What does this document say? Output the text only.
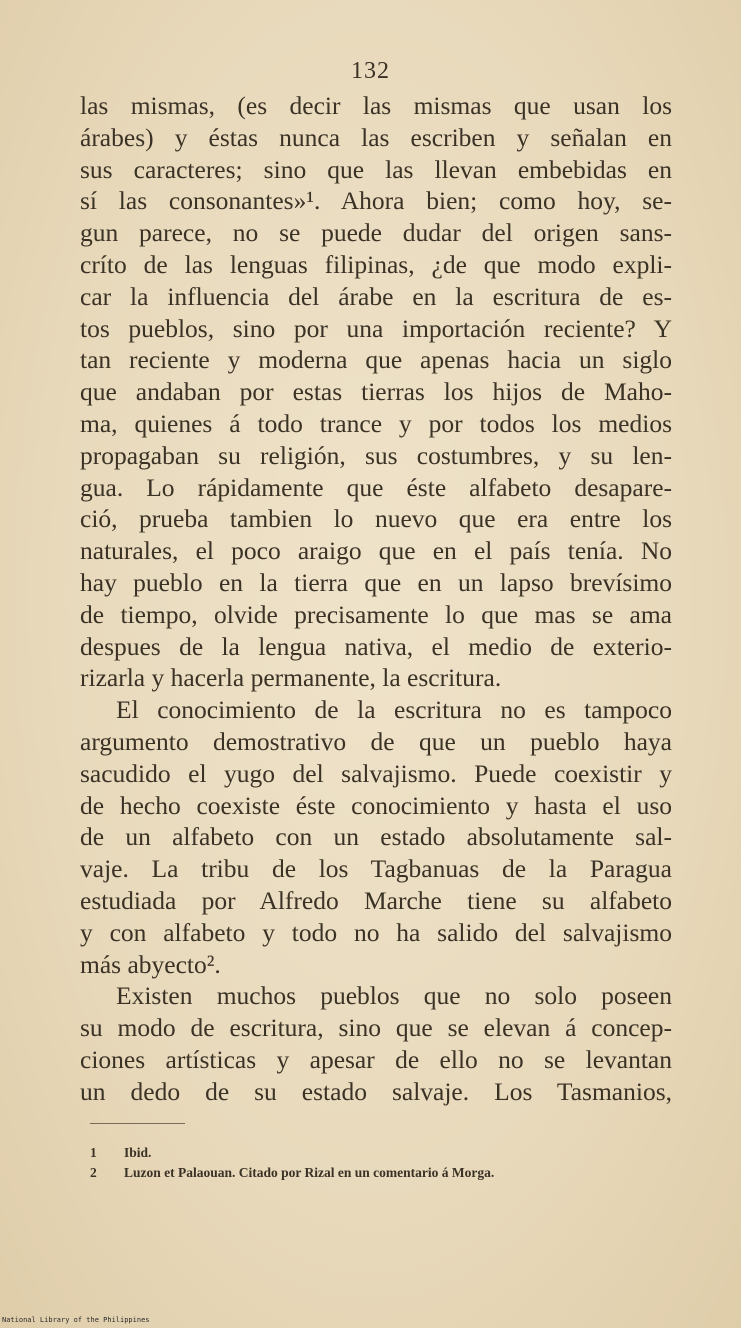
132
las mismas, (es decir las mismas que usan los
árabes) y éstas nunca las escriben y señalan en
sus caracteres; sino que las llevan embebidas en
sí las consonantes»¹. Ahora bien; como hoy, se-
gun parece, no se puede dudar del origen sans-
críto de las lenguas filipinas, ¿de que modo expli-
car la influencia del árabe en la escritura de es-
tos pueblos, sino por una importación reciente? Y
tan reciente y moderna que apenas hacia un siglo
que andaban por estas tierras los hijos de Maho-
ma, quienes á todo trance y por todos los medios
propagaban su religión, sus costumbres, y su len-
gua. Lo rápidamente que éste alfabeto desapare-
ció, prueba tambien lo nuevo que era entre los
naturales, el poco araigo que en el país tenía. No
hay pueblo en la tierra que en un lapso brevísimo
de tiempo, olvide precisamente lo que mas se ama
despues de la lengua nativa, el medio de exterio-
rizarla y hacerla permanente, la escritura.
El conocimiento de la escritura no es tampoco
argumento demostrativo de que un pueblo haya
sacudido el yugo del salvajismo. Puede coexistir y
de hecho coexiste éste conocimiento y hasta el uso
de un alfabeto con un estado absolutamente sal-
vaje. La tribu de los Tagbanuas de la Paragua
estudiada por Alfredo Marche tiene su alfabeto
y con alfabeto y todo no ha salido del salvajismo
más abyecto².
Existen muchos pueblos que no solo poseen
su modo de escritura, sino que se elevan á concep-
ciones artísticas y apesar de ello no se levantan
un dedo de su estado salvaje. Los Tasmanios,
1 Ibid.
2 Luzon et Palaouan. Citado por Rizal en un comentario á Morga.
National Library of the Philippines
